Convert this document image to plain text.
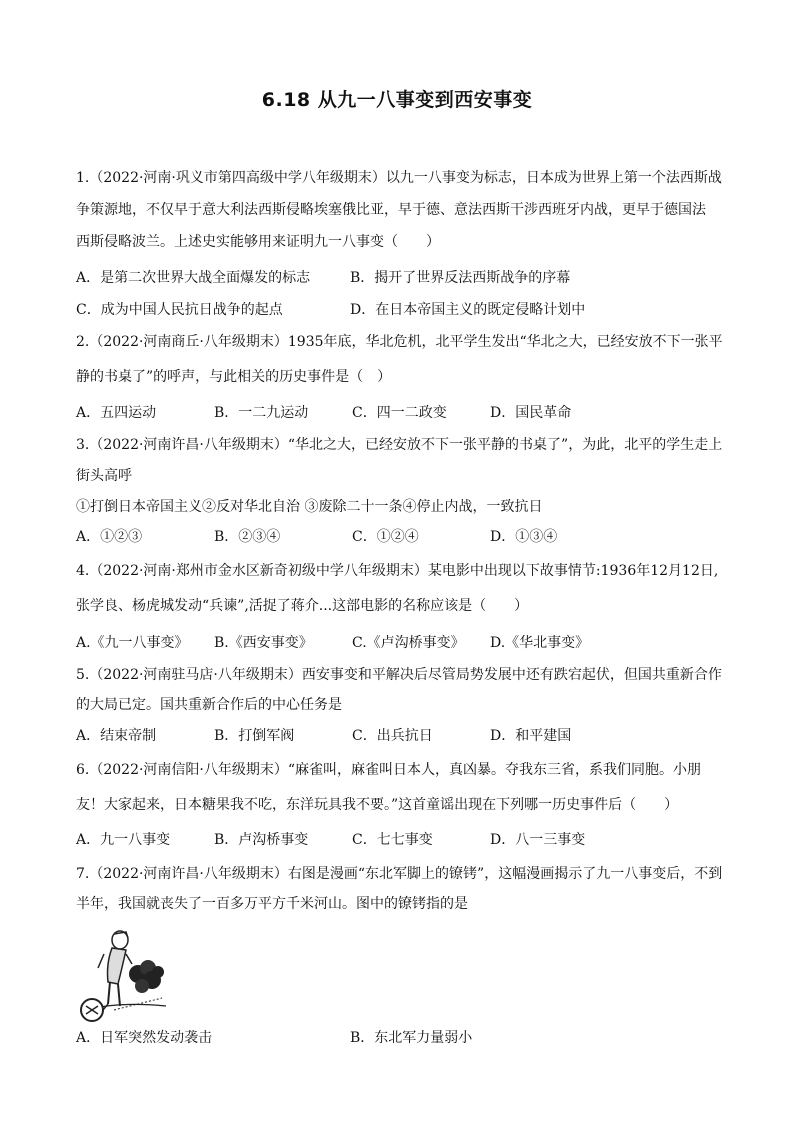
6.18 从九一八事变到西安事变
1.（2022·河南·巩义市第四高级中学八年级期末）以九一八事变为标志，日本成为世界上第一个法西斯战
争策源地，不仅早于意大利法西斯侵略埃塞俄比亚，早于德、意法西斯干涉西班牙内战，更早于德国法
西斯侵略波兰。上述史实能够用来证明九一八事变（　　）
A．是第二次世界大战全面爆发的标志	B．揭开了世界反法西斯战争的序幕
C．成为中国人民抗日战争的起点	D．在日本帝国主义的既定侵略计划中
2.（2022·河南商丘·八年级期末）1935年底，华北危机，北平学生发出“华北之大，已经安放不下一张平
静的书桌了”的呼声，与此相关的历史事件是（　）
A．五四运动	B．一二九运动	C．四一二政变	D．国民革命
3.（2022·河南许昌·八年级期末）“华北之大，已经安放不下一张平静的书桌了”，为此，北平的学生走上
街头高呼
①打倒日本帝国主义②反对华北自治 ③废除二十一条④停止内战，一致抗日
A．①②③	B．②③④	C．①②④	D．①③④
4.（2022·河南·郑州市金水区新奇初级中学八年级期末）某电影中出现以下故事情节:1936年12月12日,
张学良、杨虎城发动“兵谏”,活捉了蒋介...这部电影的名称应该是（　　）
A.《九一八事变》 B.《西安事变》	C.《卢沟桥事变》 D.《华北事变》
5.（2022·河南驻马店·八年级期末）西安事变和平解决后尽管局势发展中还有跌宕起伏，但国共重新合作
的大局已定。国共重新合作后的中心任务是
A．结束帝制	B．打倒军阀	C．出兵抗日	D．和平建国
6.（2022·河南信阳·八年级期末）“麻雀叫，麻雀叫日本人，真凶暴。夺我东三省，系我们同胞。小朋
友！大家起来，日本糖果我不吃，东洋玩具我不要。”这首童谣出现在下列哪一历史事件后（　　）
A．九一八事变	B．卢沟桥事变	C．七七事变	D．八一三事变
7.（2022·河南许昌·八年级期末）右图是漫画“东北军脚上的镣铐”，这幅漫画揭示了九一八事变后，不到
半年，我国就丧失了一百多万平方千米河山。图中的镣铐指的是
A．日军突然发动袭击	B．东北军力量弱小
